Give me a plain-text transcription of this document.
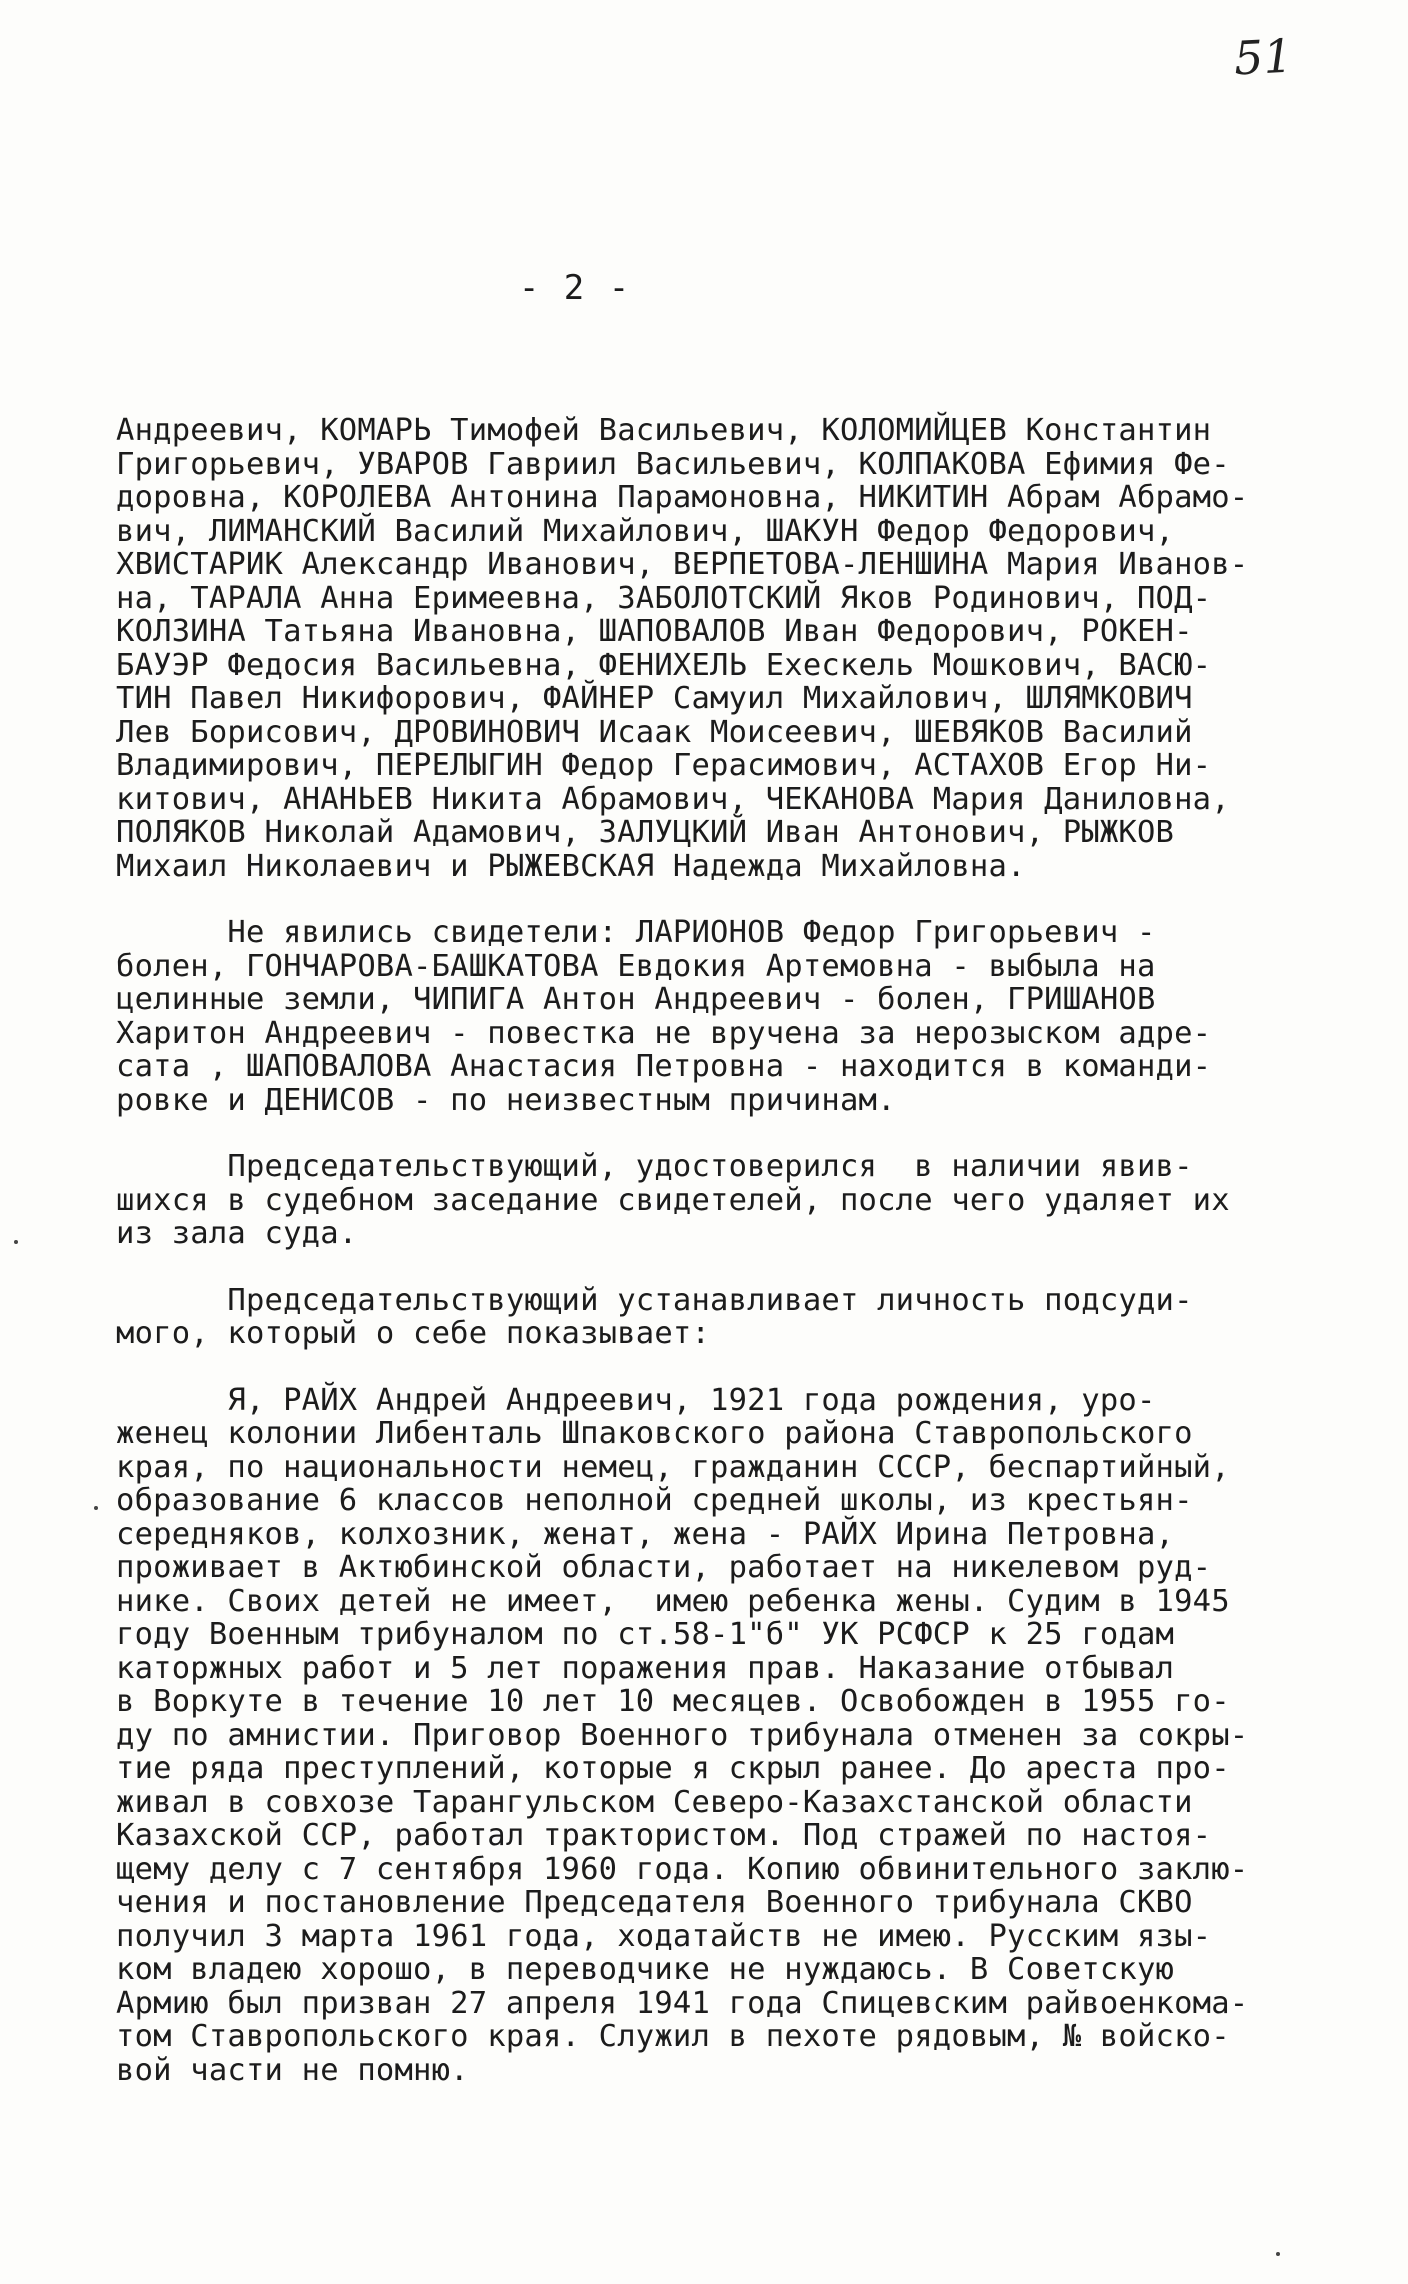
51
- 2 -
Андреевич, КОМАРЬ Тимофей Васильевич, КОЛОМИЙЦЕВ Константин
Григорьевич, УВАРОВ Гавриил Васильевич, КОЛПАКОВА Ефимия Фе-
доровна, КОРОЛЕВА Антонина Парамоновна, НИКИТИН Абрам Абрамо-
вич, ЛИМАНСКИЙ Василий Михайлович, ШАКУН Федор Федорович,
ХВИСТАРИК Александр Иванович, ВЕРПЕТОВА-ЛЕНШИНА Мария Иванов-
на, ТАРАЛА Анна Еримеевна, ЗАБОЛОТСКИЙ Яков Родинович, ПОД-
КОЛЗИНА Татьяна Ивановна, ШАПОВАЛОВ Иван Федорович, РОКЕН-
БАУЭР Федосия Васильевна, ФЕНИХЕЛЬ Ехескель Мошкович, ВАСЮ-
ТИН Павел Никифорович, ФАЙНЕР Самуил Михайлович, ШЛЯМКОВИЧ
Лев Борисович, ДРОВИНОВИЧ Исаак Моисеевич, ШЕВЯКОВ Василий
Владимирович, ПЕРЕЛЫГИН Федор Герасимович, АСТАХОВ Егор Ни-
китович, АНАНЬЕВ Никита Абрамович, ЧЕКАНОВА Мария Даниловна,
ПОЛЯКОВ Николай Адамович, ЗАЛУЦКИЙ Иван Антонович, РЫЖКОВ
Михаил Николаевич и РЫЖЕВСКАЯ Надежда Михайловна.
Не явились свидетели: ЛАРИОНОВ Федор Григорьевич -
болен, ГОНЧАРОВА-БАШКАТОВА Евдокия Артемовна - выбыла на
целинные земли, ЧИПИГА Антон Андреевич - болен, ГРИШАНОВ
Харитон Андреевич - повестка не вручена за нерозыском адре-
сата , ШАПОВАЛОВА Анастасия Петровна - находится в команди-
ровке и ДЕНИСОВ - по неизвестным причинам.
Председательствующий, удостоверился  в наличии явив-
шихся в судебном заседание свидетелей, после чего удаляет их
из зала суда.
Председательствующий устанавливает личность подсуди-
мого, который о себе показывает:
Я, РАЙХ Андрей Андреевич, 1921 года рождения, уро-
женец колонии Либенталь Шпаковского района Ставропольского
края, по национальности немец, гражданин СССР, беспартийный,
образование 6 классов неполной средней школы, из крестьян-
середняков, колхозник, женат, жена - РАЙХ Ирина Петровна,
проживает в Актюбинской области, работает на никелевом руд-
нике. Своих детей не имеет,  имею ребенка жены. Судим в 1945
году Военным трибуналом по ст.58-1"б" УК РСФСР к 25 годам
каторжных работ и 5 лет поражения прав. Наказание отбывал
в Воркуте в течение 10 лет 10 месяцев. Освобожден в 1955 го-
ду по амнистии. Приговор Военного трибунала отменен за сокры-
тие ряда преступлений, которые я скрыл ранее. До ареста про-
живал в совхозе Тарангульском Северо-Казахстанской области
Казахской ССР, работал трактористом. Под стражей по настоя-
щему делу с 7 сентября 1960 года. Копию обвинительного заклю-
чения и постановление Председателя Военного трибунала СКВО
получил 3 марта 1961 года, ходатайств не имею. Русским язы-
ком владею хорошо, в переводчике не нуждаюсь. В Советскую
Армию был призван 27 апреля 1941 года Спицевским райвоенкома-
том Ставропольского края. Служил в пехоте рядовым, № войско-
вой части не помню.
